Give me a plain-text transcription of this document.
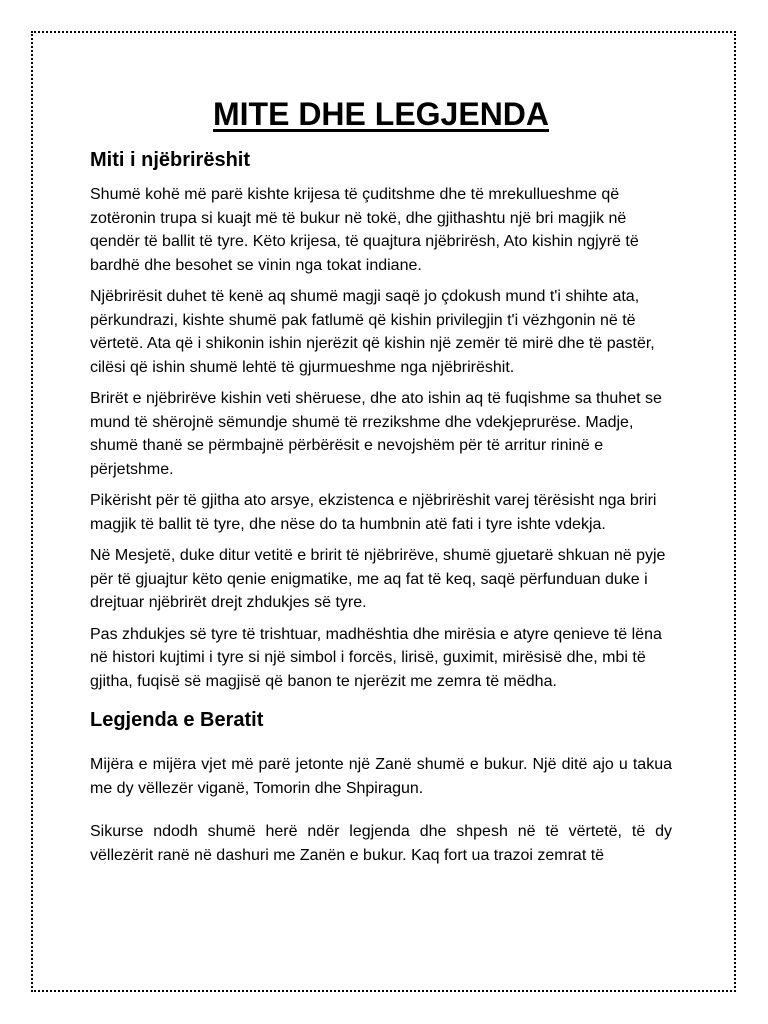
MITE DHE LEGJENDA
Miti i njëbrirëshit

Shumë kohë më parë kishte krijesa të çuditshme dhe të mrekullueshme që zotëronin trupa si kuajt më të bukur në tokë, dhe gjithashtu një bri magjik në qendër të ballit të tyre. Këto krijesa, të quajtura njëbrirësh, Ato kishin ngjyrë të bardhë dhe besohet se vinin nga tokat indiane.

Njëbrirësit duhet të kenë aq shumë magji saqë jo çdokush mund t'i shihte ata, përkundrazi, kishte shumë pak fatlumë që kishin privilegjin t'i vëzhgonin në të vërtetë. Ata që i shikonin ishin njerëzit që kishin një zemër të mirë dhe të pastër, cilësi që ishin shumë lehtë të gjurmueshme nga njëbrirëshit.

Brirët e njëbrirëve kishin veti shëruese, dhe ato ishin aq të fuqishme sa thuhet se mund të shërojnë sëmundje shumë të rrezikshme dhe vdekjeprurëse. Madje, shumë thanë se përmbajnë përbërësit e nevojshëm për të arritur rininë e përjetshme.

Pikërisht për të gjitha ato arsye, ekzistenca e njëbrirëshit varej tërësisht nga briri magjik të ballit të tyre, dhe nëse do ta humbnin atë fati i tyre ishte vdekja.

Në Mesjetë, duke ditur vetitë e bririt të njëbrirëve, shumë gjuetarë shkuan në pyje për të gjuajtur këto qenie enigmatike, me aq fat të keq, saqë përfunduan duke i drejtuar njëbrirët drejt zhdukjes së tyre.

Pas zhdukjes së tyre të trishtuar, madhështia dhe mirësia e atyre qenieve të lëna në histori kujtimi i tyre si një simbol i forcës, lirisë, guximit, mirësisë dhe, mbi të gjitha, fuqisë së magjisë që banon te njerëzit me zemra të mëdha.

Legjenda e Beratit

Mijëra e mijëra vjet më parë jetonte një Zanë shumë e bukur. Një ditë ajo u takua me dy vëllezër viganë, Tomorin dhe Shpiragun.

Sikurse ndodh shumë herë ndër legjenda dhe shpesh në të vërtetë, të dy vëllezërit ranë në dashuri me Zanën e bukur. Kaq fort ua trazoi zemrat të
